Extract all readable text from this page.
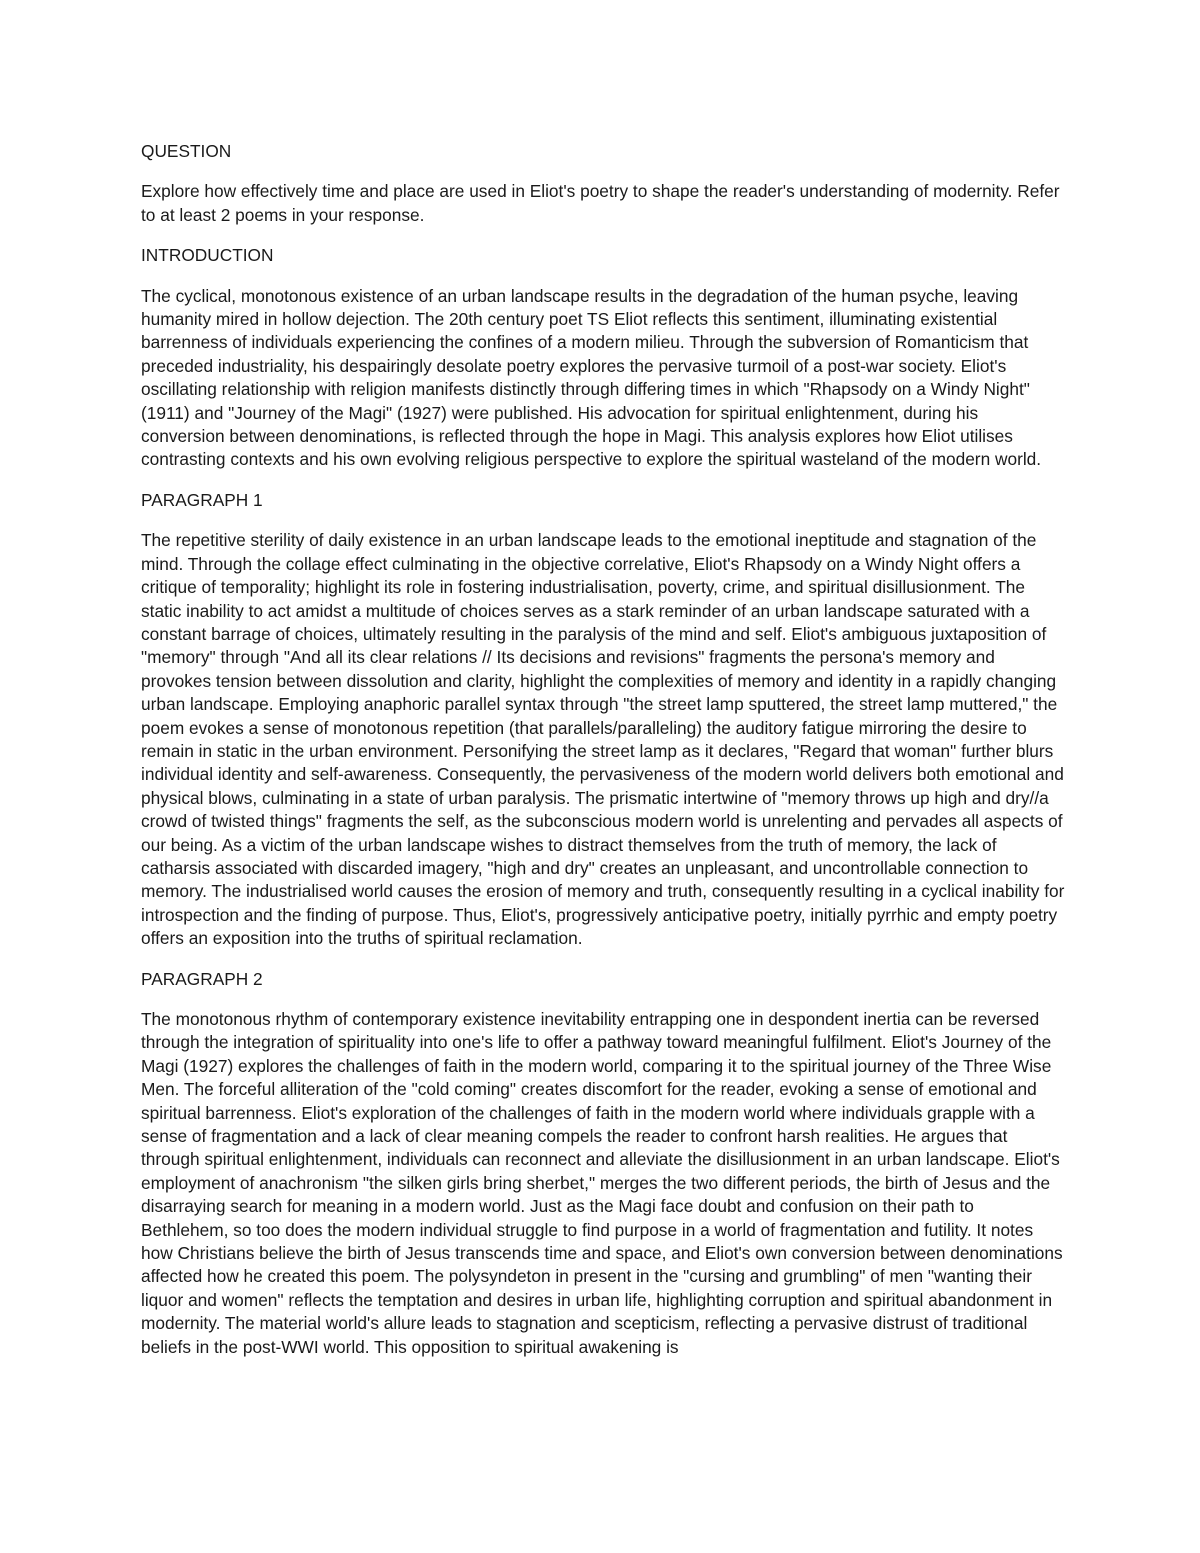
QUESTION

Explore how effectively time and place are used in Eliot's poetry to shape the reader's understanding of modernity. Refer to at least 2 poems in your response.

INTRODUCTION

The cyclical, monotonous existence of an urban landscape results in the degradation of the human psyche, leaving humanity mired in hollow dejection. The 20th century poet TS Eliot reflects this sentiment, illuminating existential barrenness of individuals experiencing the confines of a modern milieu. Through the subversion of Romanticism that preceded industriality, his despairingly desolate poetry explores the pervasive turmoil of a post-war society. Eliot's oscillating relationship with religion manifests distinctly through differing times in which "Rhapsody on a Windy Night" (1911) and "Journey of the Magi" (1927) were published. His advocation for spiritual enlightenment, during his conversion between denominations, is reflected through the hope in Magi. This analysis explores how Eliot utilises contrasting contexts and his own evolving religious perspective to explore the spiritual wasteland of the modern world.

PARAGRAPH 1

The repetitive sterility of daily existence in an urban landscape leads to the emotional ineptitude and stagnation of the mind. Through the collage effect culminating in the objective correlative, Eliot's Rhapsody on a Windy Night offers a critique of temporality; highlight its role in fostering industrialisation, poverty, crime, and spiritual disillusionment. The static inability to act amidst a multitude of choices serves as a stark reminder of an urban landscape saturated with a constant barrage of choices, ultimately resulting in the paralysis of the mind and self. Eliot's ambiguous juxtaposition of "memory" through "And all its clear relations // Its decisions and revisions" fragments the persona's memory and provokes tension between dissolution and clarity, highlight the complexities of memory and identity in a rapidly changing urban landscape. Employing anaphoric parallel syntax through "the street lamp sputtered, the street lamp muttered," the poem evokes a sense of monotonous repetition (that parallels/paralleling) the auditory fatigue mirroring the desire to remain in static in the urban environment. Personifying the street lamp as it declares, "Regard that woman" further blurs individual identity and self-awareness. Consequently, the pervasiveness of the modern world delivers both emotional and physical blows, culminating in a state of urban paralysis. The prismatic intertwine of "memory throws up high and dry//a crowd of twisted things" fragments the self, as the subconscious modern world is unrelenting and pervades all aspects of our being. As a victim of the urban landscape wishes to distract themselves from the truth of memory, the lack of catharsis associated with discarded imagery, "high and dry" creates an unpleasant, and uncontrollable connection to memory. The industrialised world causes the erosion of memory and truth, consequently resulting in a cyclical inability for introspection and the finding of purpose. Thus, Eliot's, progressively anticipative poetry, initially pyrrhic and empty poetry offers an exposition into the truths of spiritual reclamation.

PARAGRAPH 2

The monotonous rhythm of contemporary existence inevitability entrapping one in despondent inertia can be reversed through the integration of spirituality into one's life to offer a pathway toward meaningful fulfilment. Eliot's Journey of the Magi (1927) explores the challenges of faith in the modern world, comparing it to the spiritual journey of the Three Wise Men. The forceful alliteration of the "cold coming" creates discomfort for the reader, evoking a sense of emotional and spiritual barrenness. Eliot's exploration of the challenges of faith in the modern world where individuals grapple with a sense of fragmentation and a lack of clear meaning compels the reader to confront harsh realities. He argues that through spiritual enlightenment, individuals can reconnect and alleviate the disillusionment in an urban landscape. Eliot's employment of anachronism "the silken girls bring sherbet," merges the two different periods, the birth of Jesus and the disarraying search for meaning in a modern world. Just as the Magi face doubt and confusion on their path to Bethlehem, so too does the modern individual struggle to find purpose in a world of fragmentation and futility. It notes how Christians believe the birth of Jesus transcends time and space, and Eliot's own conversion between denominations affected how he created this poem. The polysyndeton in present in the "cursing and grumbling" of men "wanting their liquor and women" reflects the temptation and desires in urban life, highlighting corruption and spiritual abandonment in modernity. The material world's allure leads to stagnation and scepticism, reflecting a pervasive distrust of traditional beliefs in the post-WWI world. This opposition to spiritual awakening is
